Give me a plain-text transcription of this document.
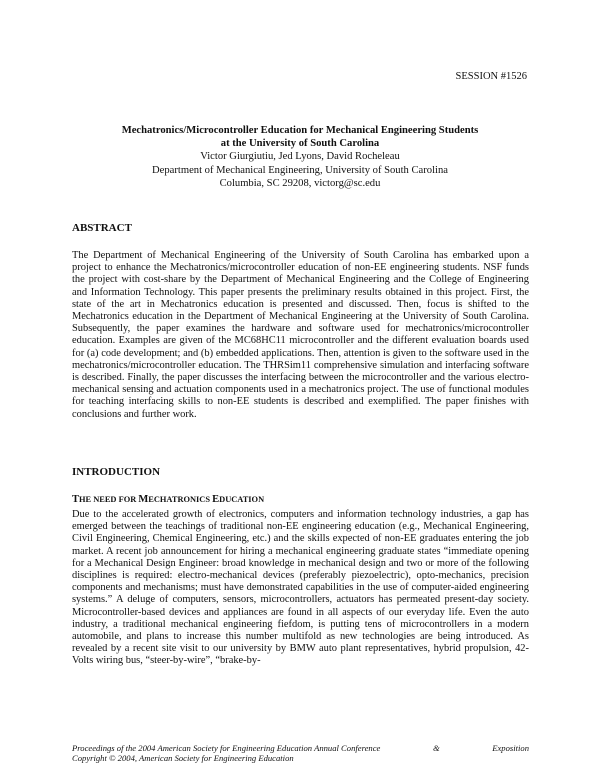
SESSION #1526
Mechatronics/Microcontroller Education for Mechanical Engineering Students
at the University of South Carolina
Victor Giurgiutiu, Jed Lyons, David Rocheleau
Department of Mechanical Engineering, University of South Carolina
Columbia, SC 29208, victorg@sc.edu
ABSTRACT
The Department of Mechanical Engineering of the University of South Carolina has embarked upon a project to enhance the Mechatronics/microcontroller education of non-EE engineering students. NSF funds the project with cost-share by the Department of Mechanical Engineering and the College of Engineering and Information Technology. This paper presents the preliminary results obtained in this project. First, the state of the art in Mechatronics education is presented and discussed. Then, focus is shifted to the Mechatronics education in the Department of Mechanical Engineering at the University of South Carolina. Subsequently, the paper examines the hardware and software used for mechatronics/microcontroller education. Examples are given of the MC68HC11 microcontroller and the different evaluation boards used for (a) code development; and (b) embedded applications. Then, attention is given to the software used in the mechatronics/microcontroller education. The THRSim11 comprehensive simulation and interfacing software is described. Finally, the paper discusses the interfacing between the microcontroller and the various electro-mechanical sensing and actuation components used in a mechatronics project. The use of functional modules for teaching interfacing skills to non-EE students is described and exemplified. The paper finishes with conclusions and further work.
INTRODUCTION
THE NEED FOR MECHATRONICS EDUCATION
Due to the accelerated growth of electronics, computers and information technology industries, a gap has emerged between the teachings of traditional non-EE engineering education (e.g., Mechanical Engineering, Civil Engineering, Chemical Engineering, etc.) and the skills expected of non-EE graduates entering the job market. A recent job announcement for hiring a mechanical engineering graduate states “immediate opening for a Mechanical Design Engineer: broad knowledge in mechanical design and two or more of the following disciplines is required: electro-mechanical devices (preferably piezoelectric), opto-mechanics, precision components and mechanisms; must have demonstrated capabilities in the use of computer-aided engineering systems.” A deluge of computers, sensors, microcontrollers, actuators has permeated present-day society. Microcontroller-based devices and appliances are found in all aspects of our everyday life. Even the auto industry, a traditional mechanical engineering fiefdom, is putting tens of microcontrollers in a modern automobile, and plans to increase this number multifold as new technologies are being introduced. As revealed by a recent site visit to our university by BMW auto plant representatives, hybrid propulsion, 42-Volts wiring bus, “steer-by-wire”, “brake-by-
Proceedings of the 2004 American Society for Engineering Education Annual Conference	&	Exposition
Copyright © 2004, American Society for Engineering Education
